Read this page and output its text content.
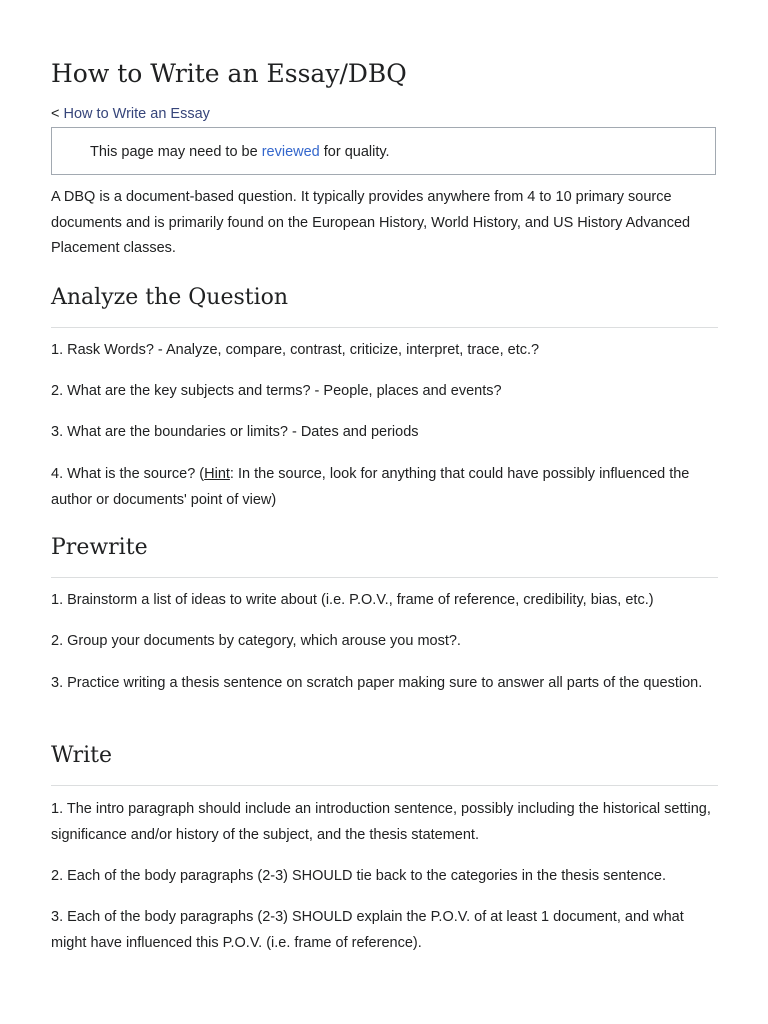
How to Write an Essay/DBQ
< How to Write an Essay
This page may need to be reviewed for quality.

A DBQ is a document-based question. It typically provides anywhere from 4 to 10 primary source documents and is primarily found on the European History, World History, and US History Advanced Placement classes.

Analyze the Question

1. Rask Words? - Analyze, compare, contrast, criticize, interpret, trace, etc.?

2. What are the key subjects and terms? - People, places and events?

3. What are the boundaries or limits? - Dates and periods

4. What is the source? (Hint: In the source, look for anything that could have possibly influenced the author or documents' point of view)

Prewrite

1. Brainstorm a list of ideas to write about (i.e. P.O.V., frame of reference, credibility, bias, etc.)

2. Group your documents by category, which arouse you most?.

3. Practice writing a thesis sentence on scratch paper making sure to answer all parts of the question.

Write

1. The intro paragraph should include an introduction sentence, possibly including the historical setting, significance and/or history of the subject, and the thesis statement.

2. Each of the body paragraphs (2-3) SHOULD tie back to the categories in the thesis sentence.

3. Each of the body paragraphs (2-3) SHOULD explain the P.O.V. of at least 1 document, and what might have influenced this P.O.V. (i.e. frame of reference).
